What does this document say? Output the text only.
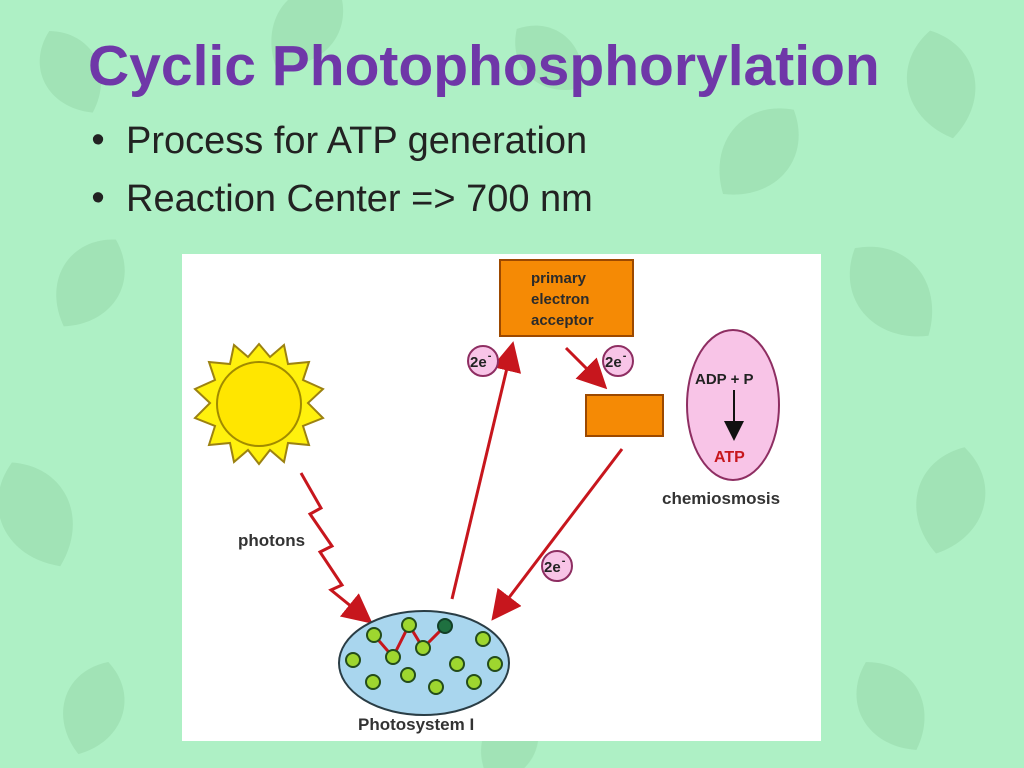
Cyclic Photophosphorylation
• Process for ATP generation
• Reaction Center => 700 nm
primary electron acceptor
ADP + P
ATP
chemiosmosis
photons
2e-	2e-
2e-
Photosystem I
